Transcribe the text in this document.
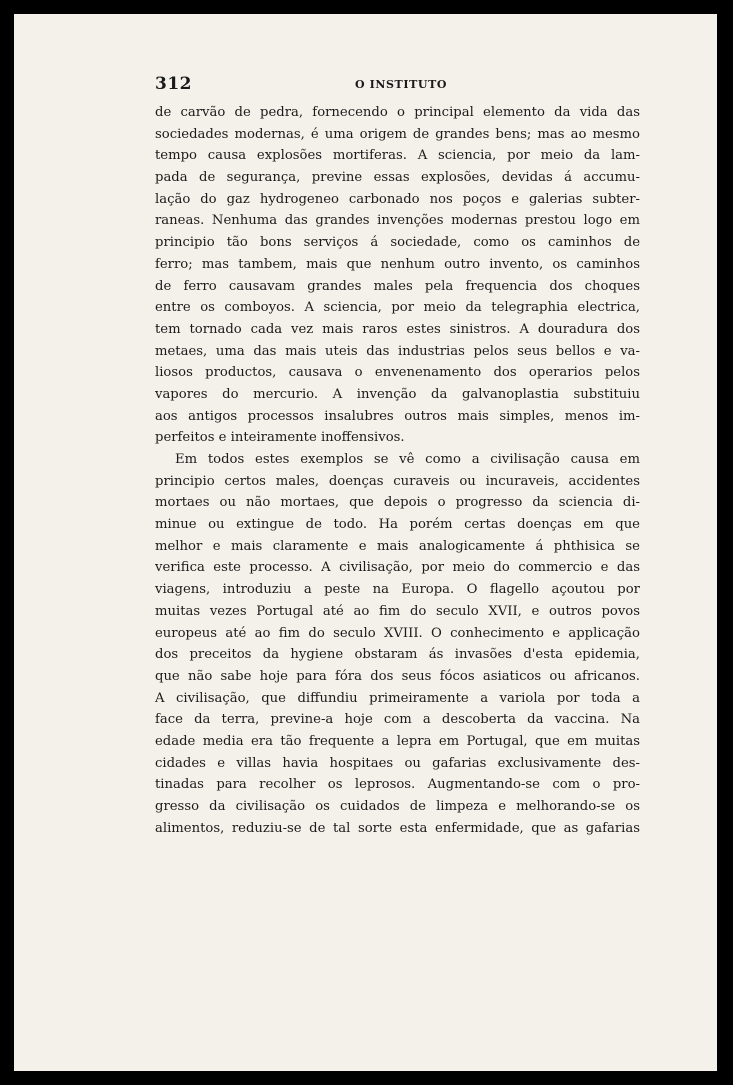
312	O INSTITUTO
de carvão de pedra, fornecendo o principal elemento da vida das
sociedades modernas, é uma origem de grandes bens; mas ao mesmo
tempo causa explosões mortiferas. A sciencia, por meio da lam-
pada de segurança, previne essas explosões, devidas á accumu-
lação do gaz hydrogeneo carbonado nos poços e galerias subter-
raneas. Nenhuma das grandes invenções modernas prestou logo em
principio tão bons serviços á sociedade, como os caminhos de
ferro; mas tambem, mais que nenhum outro invento, os caminhos
de ferro causavam grandes males pela frequencia dos choques
entre os comboyos. A sciencia, por meio da telegraphia electrica,
tem tornado cada vez mais raros estes sinistros. A douradura dos
metaes, uma das mais uteis das industrias pelos seus bellos e va-
liosos productos, causava o envenenamento dos operarios pelos
vapores do mercurio. A invenção da galvanoplastia substituiu
aos antigos processos insalubres outros mais simples, menos im-
perfeitos e inteiramente inoffensivos.
Em todos estes exemplos se vê como a civilisação causa em
principio certos males, doenças curaveis ou incuraveis, accidentes
mortaes ou não mortaes, que depois o progresso da sciencia di-
minue ou extingue de todo. Ha porém certas doenças em que
melhor e mais claramente e mais analogicamente á phthisica se
verifica este processo. A civilisação, por meio do commercio e das
viagens, introduziu a peste na Europa. O flagello açoutou por
muitas vezes Portugal até ao fim do seculo XVII, e outros povos
europeus até ao fim do seculo XVIII. O conhecimento e applicação
dos preceitos da hygiene obstaram ás invasões d'esta epidemia,
que não sabe hoje para fóra dos seus fócos asiaticos ou africanos.
A civilisação, que diffundiu primeiramente a variola por toda a
face da terra, previne-a hoje com a descoberta da vaccina. Na
edade media era tão frequente a lepra em Portugal, que em muitas
cidades e villas havia hospitaes ou gafarias exclusivamente des-
tinadas para recolher os leprosos. Augmentando-se com o pro-
gresso da civilisação os cuidados de limpeza e melhorando-se os
alimentos, reduziu-se de tal sorte esta enfermidade, que as gafarias
